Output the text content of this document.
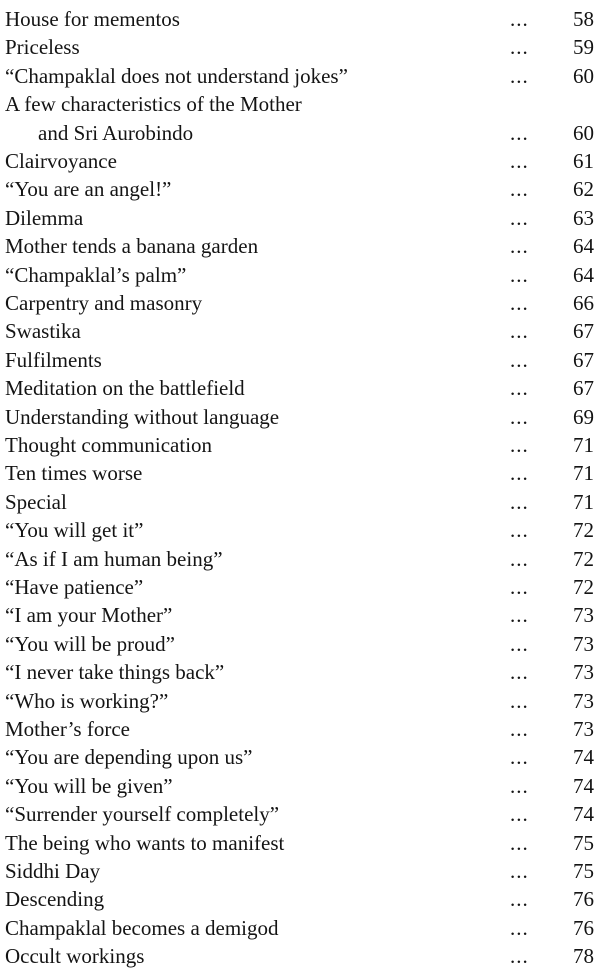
House for mementos	... 58
Priceless	... 59
“Champaklal does not understand jokes”	... 60
A few characteristics of the Mother
and Sri Aurobindo	... 60
Clairvoyance	... 61
“You are an angel!”	... 62
Dilemma	... 63
Mother tends a banana garden	... 64
“Champaklal’s palm”	... 64
Carpentry and masonry	... 66
Swastika	... 67
Fulfilments	... 67
Meditation on the battlefield	... 67
Understanding without language	... 69
Thought communication	... 71
Ten times worse	... 71
Special	... 71
“You will get it”	... 72
“As if I am human being”	... 72
“Have patience”	... 72
“I am your Mother”	... 73
“You will be proud”	... 73
“I never take things back”	... 73
“Who is working?”	... 73
Mother’s force	... 73
“You are depending upon us”	... 74
“You will be given”	... 74
“Surrender yourself completely”	... 74
The being who wants to manifest	... 75
Siddhi Day	... 75
Descending	... 76
Champaklal becomes a demigod	... 76
Occult workings	... 78
